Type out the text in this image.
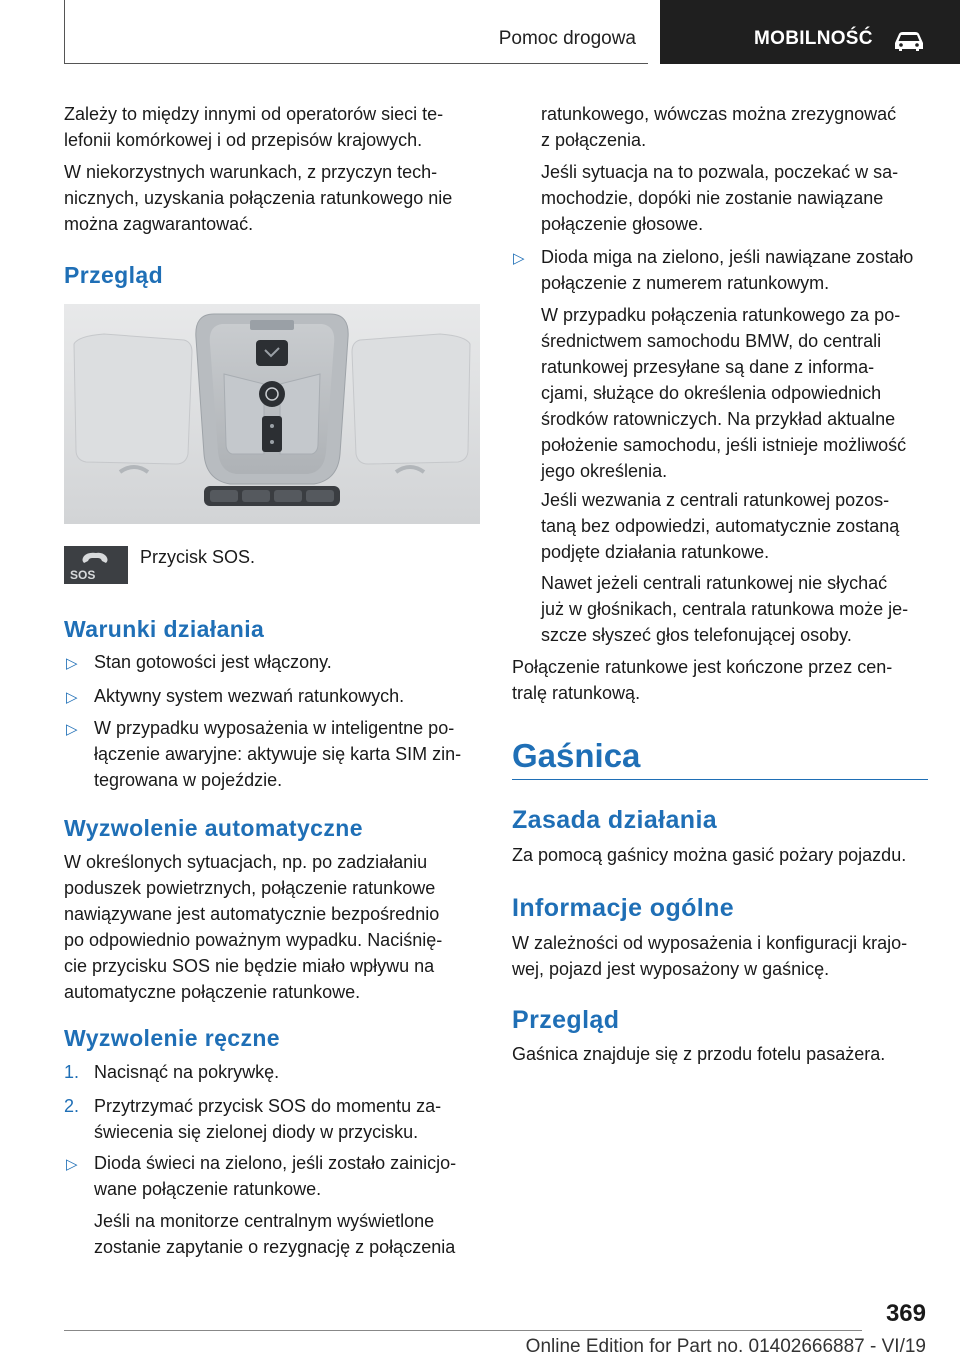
Pomoc drogowa	MOBILNOŚĆ

Zależy to między innymi od operatorów sieci te-

lefonii komórkowej i od przepisów krajowych.

W niekorzystnych warunkach, z przyczyn tech-

nicznych, uzyskania połączenia ratunkowego nie

można zagwarantować.

Przegląd
SOS

Przycisk SOS.

Warunki działania
▷ Stan gotowości jest włączony.
▷ Aktywny system wezwań ratunkowych.
▷ W przypadku wyposażenia w inteligentne po-
łączenie awaryjne: aktywuje się karta SIM zin-
tegrowana w pojeździe.
Wyzwolenie automatyczne

W określonych sytuacjach, np. po zadziałaniu

poduszek powietrznych, połączenie ratunkowe

nawiązywane jest automatycznie bezpośrednio

po odpowiednio poważnym wypadku. Naciśnię-

cie przycisku SOS nie będzie miało wpływu na

automatyczne połączenie ratunkowe.

Wyzwolenie ręczne
1. Nacisnąć na pokrywkę.
2. Przytrzymać przycisk SOS do momentu za-
świecenia się zielonej diody w przycisku.
▷ Dioda świeci na zielono, jeśli zostało zainicjo-
wane połączenie ratunkowe.
Jeśli na monitorze centralnym wyświetlone
zostanie zapytanie o rezygnację z połączenia
ratunkowego, wówczas można zrezygnować
z połączenia.
Jeśli sytuacja na to pozwala, poczekać w sa-
mochodzie, dopóki nie zostanie nawiązane
połączenie głosowe.
▷ Dioda miga na zielono, jeśli nawiązane zostało
połączenie z numerem ratunkowym.
W przypadku połączenia ratunkowego za po-
średnictwem samochodu BMW, do centrali
ratunkowej przesyłane są dane z informa-
cjami, służące do określenia odpowiednich
środków ratowniczych. Na przykład aktualne
położenie samochodu, jeśli istnieje możliwość
jego określenia.
Jeśli wezwania z centrali ratunkowej pozos-
taną bez odpowiedzi, automatycznie zostaną
podjęte działania ratunkowe.
Nawet jeżeli centrali ratunkowej nie słychać
już w głośnikach, centrala ratunkowa może je-
szcze słyszeć głos telefonującej osoby.

Połączenie ratunkowe jest kończone przez cen-

tralę ratunkową.

Gaśnica
Zasada działania

Za pomocą gaśnicy można gasić pożary pojazdu.

Informacje ogólne

W zależności od wyposażenia i konfiguracji krajo-

wej, pojazd jest wyposażony w gaśnicę.

Przegląd

Gaśnica znajduje się z przodu fotelu pasażera.

369
Online Edition for Part no. 01402666887 - VI/19
